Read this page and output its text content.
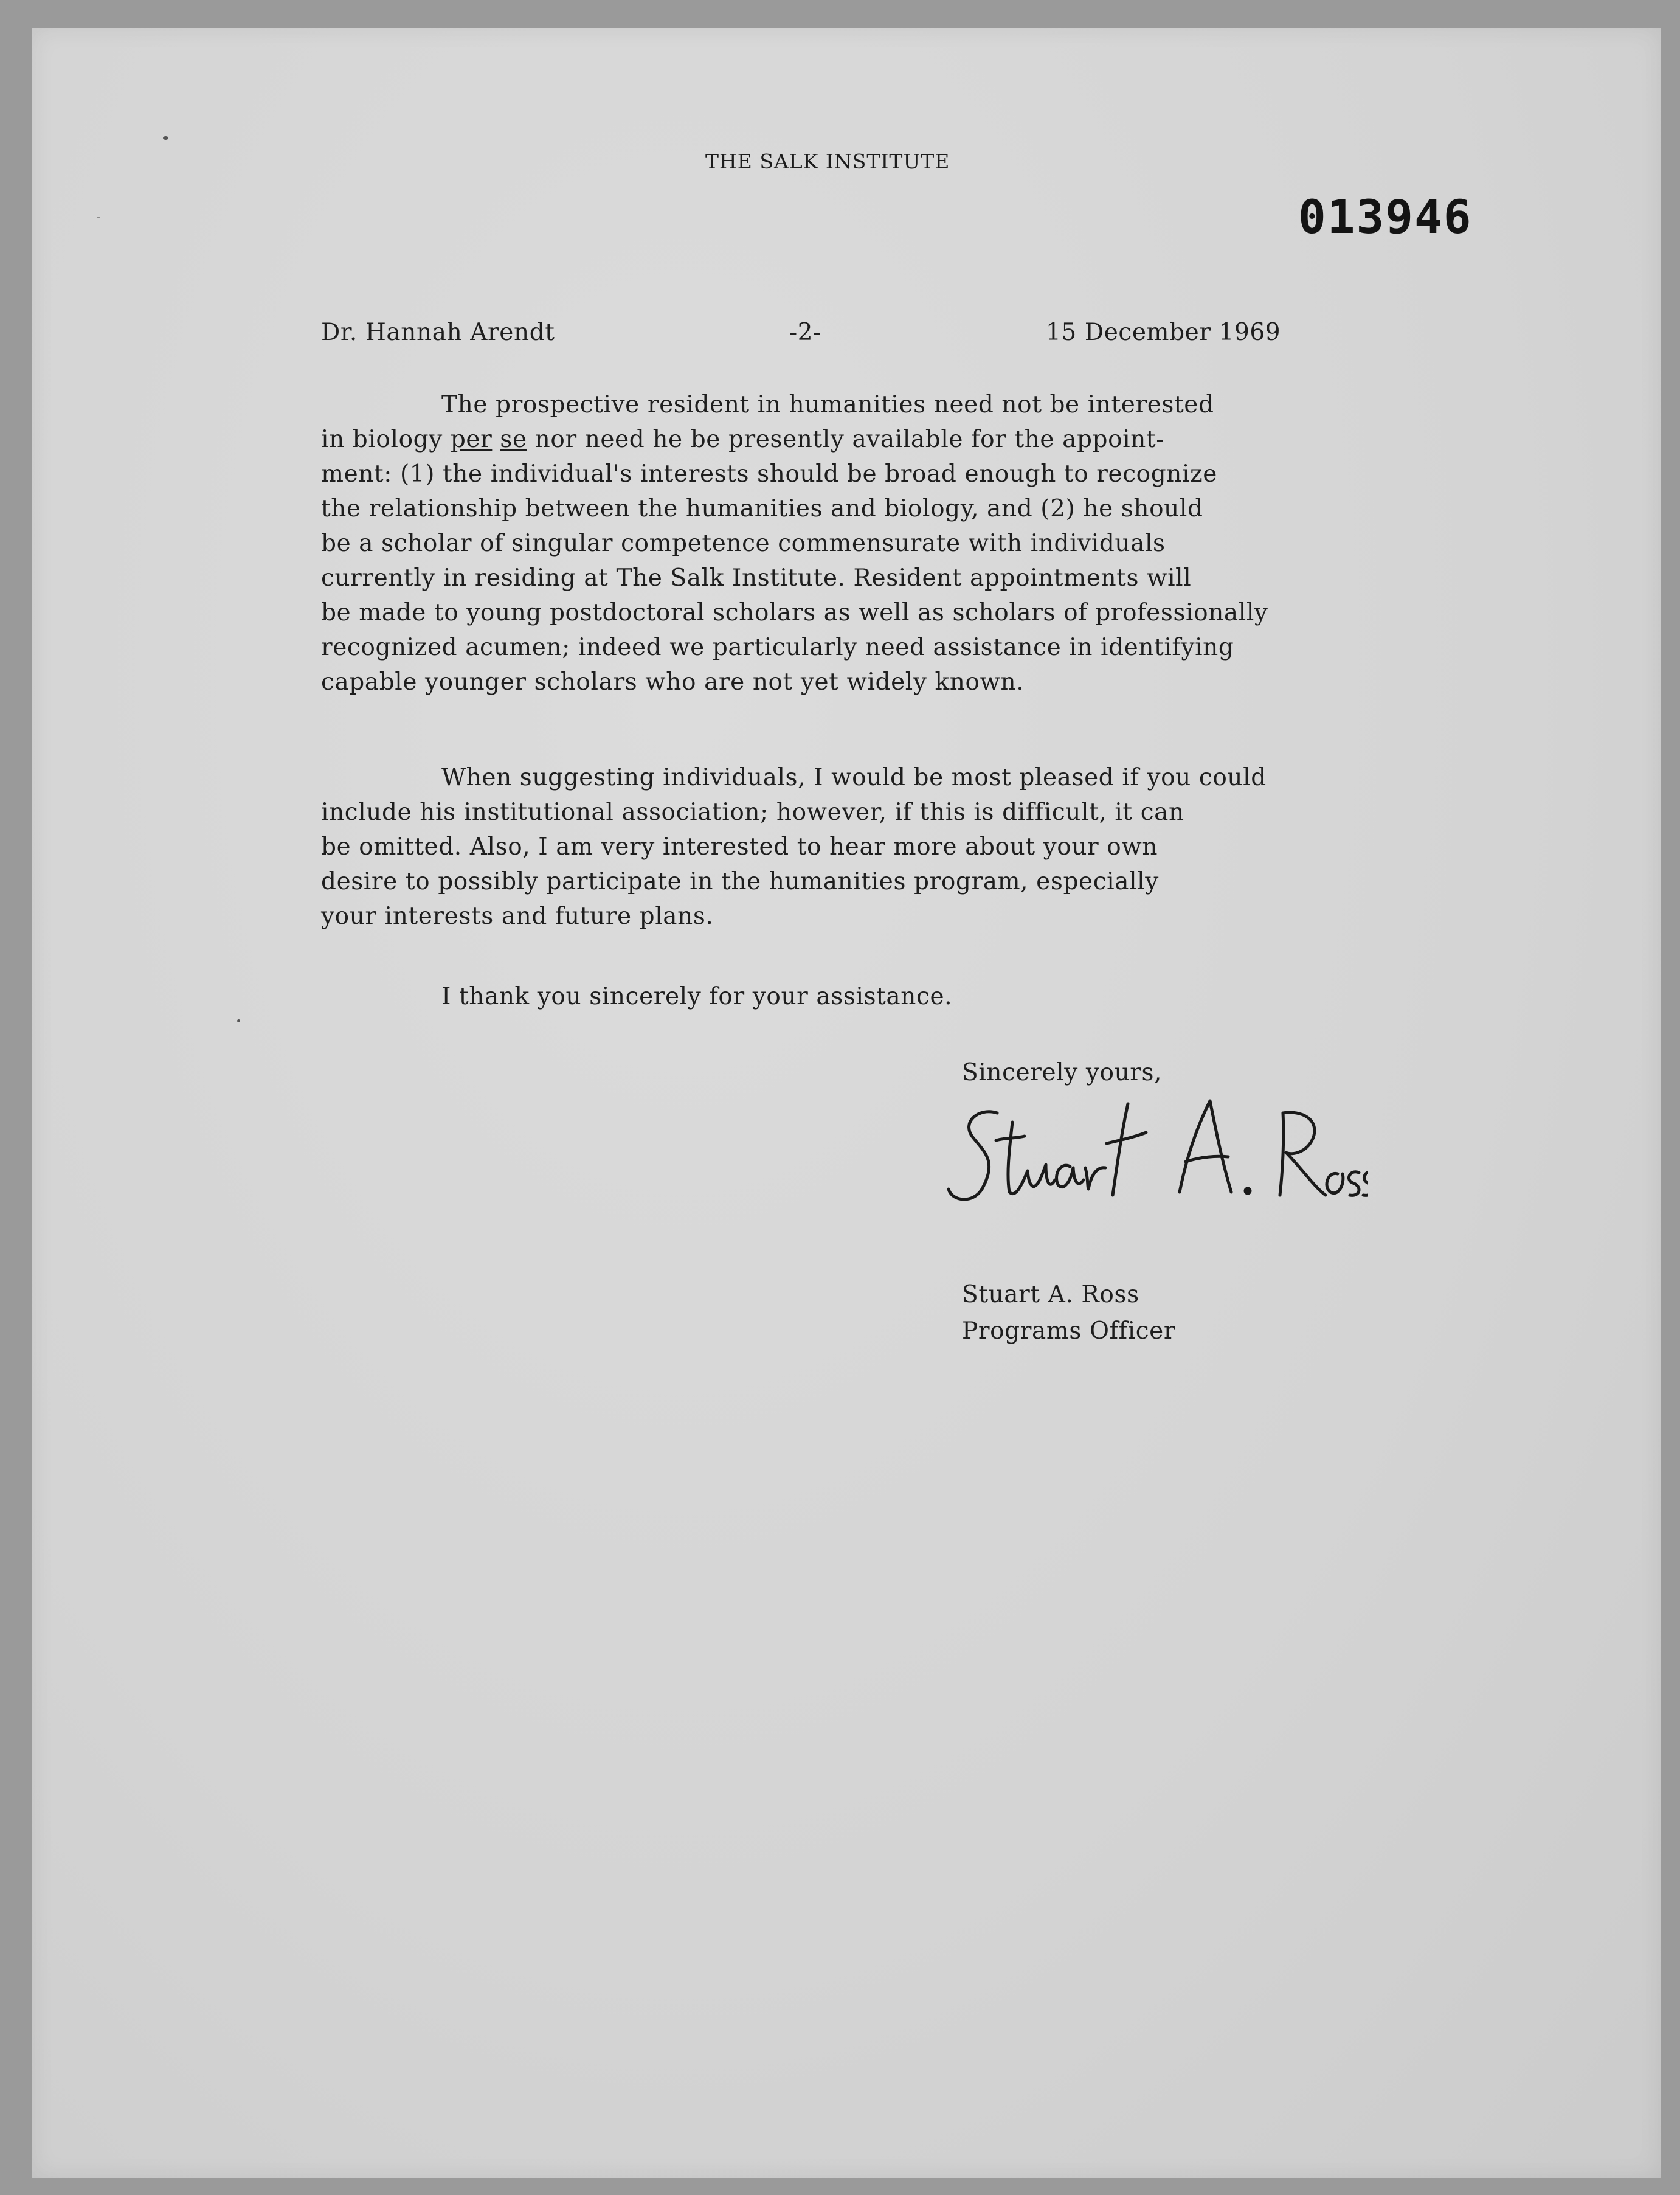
THE SALK INSTITUTE
013946
Dr. Hannah Arendt	-2-	15 December 1969
The prospective resident in humanities need not be interested
in biology per se nor need he be presently available for the appoint-
ment: (1) the individual's interests should be broad enough to recognize
the relationship between the humanities and biology, and (2) he should
be a scholar of singular competence commensurate with individuals
currently in residing at The Salk Institute. Resident appointments will
be made to young postdoctoral scholars as well as scholars of professionally
recognized acumen; indeed we particularly need assistance in identifying
capable younger scholars who are not yet widely known.
When suggesting individuals, I would be most pleased if you could
include his institutional association; however, if this is difficult, it can
be omitted. Also, I am very interested to hear more about your own
desire to possibly participate in the humanities program, especially
your interests and future plans.
I thank you sincerely for your assistance.
Sincerely yours,
Stuart A. Ross
Programs Officer
